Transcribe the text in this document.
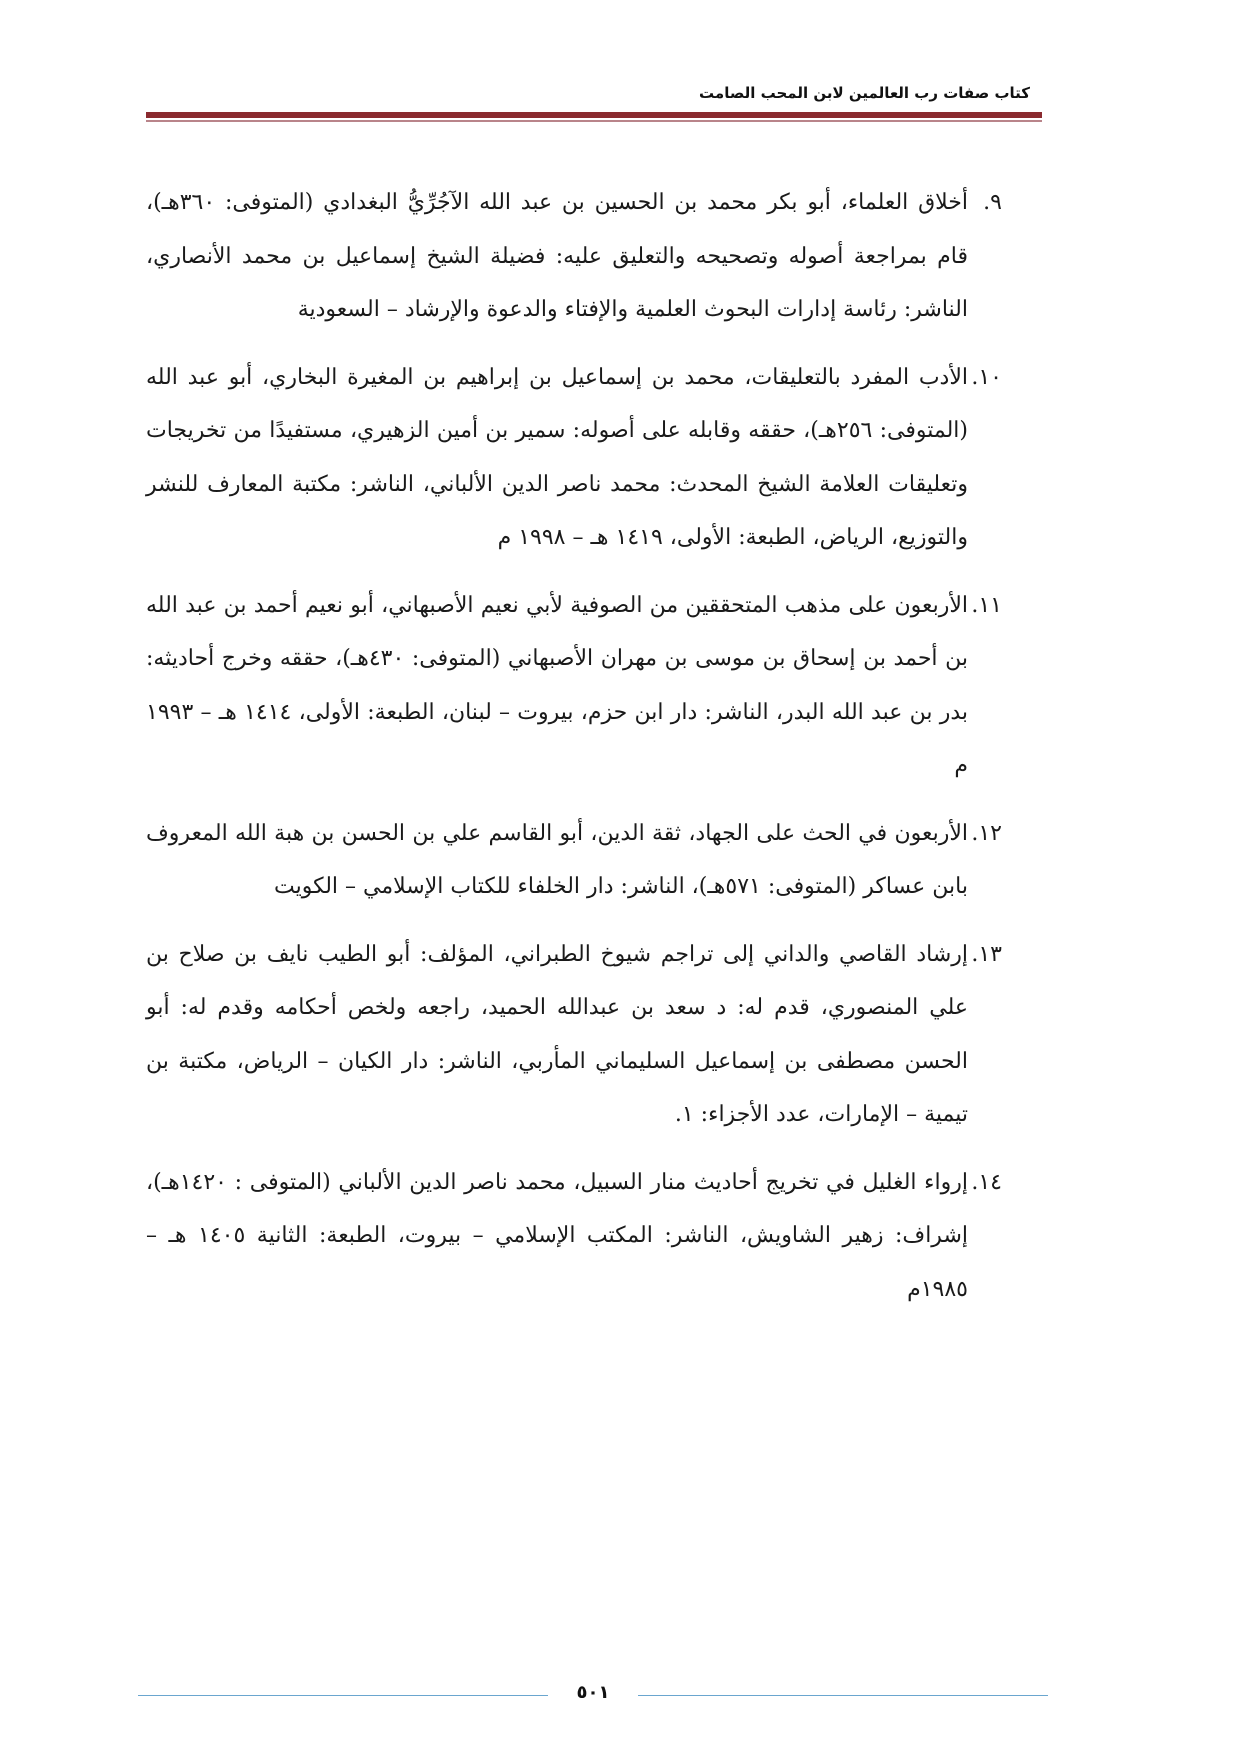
كتاب صفات رب العالمين لابن المحب الصامت
٩.
أخلاق العلماء، أبو بكر محمد بن الحسين بن عبد الله الآجُرِّيُّ البغدادي (المتوفى: ٣٦٠هـ)، قام بمراجعة أصوله وتصحيحه والتعليق عليه: فضيلة الشيخ إسماعيل بن محمد الأنصاري، الناشر: رئاسة إدارات البحوث العلمية والإفتاء والدعوة والإرشاد – السعودية
١٠.
الأدب المفرد بالتعليقات، محمد بن إسماعيل بن إبراهيم بن المغيرة البخاري، أبو عبد الله (المتوفى: ٢٥٦هـ)، حققه وقابله على أصوله: سمير بن أمين الزهيري، مستفيدًا من تخريجات وتعليقات العلامة الشيخ المحدث: محمد ناصر الدين الألباني، الناشر: مكتبة المعارف للنشر والتوزيع، الرياض، الطبعة: الأولى، ١٤١٩ هـ – ١٩٩٨ م
١١.
الأربعون على مذهب المتحققين من الصوفية لأبي نعيم الأصبهاني، أبو نعيم أحمد بن عبد الله بن أحمد بن إسحاق بن موسى بن مهران الأصبهاني (المتوفى: ٤٣٠هـ)، حققه وخرج أحاديثه: بدر بن عبد الله البدر، الناشر: دار ابن حزم، بيروت – لبنان، الطبعة: الأولى، ١٤١٤ هـ – ١٩٩٣ م
١٢.
الأربعون في الحث على الجهاد، ثقة الدين، أبو القاسم علي بن الحسن بن هبة الله المعروف بابن عساكر (المتوفى: ٥٧١هـ)، الناشر: دار الخلفاء للكتاب الإسلامي – الكويت
١٣.
إرشاد القاصي والداني إلى تراجم شيوخ الطبراني، المؤلف: أبو الطيب نايف بن صلاح بن علي المنصوري، قدم له: د سعد بن عبدالله الحميد، راجعه ولخص أحكامه وقدم له: أبو الحسن مصطفى بن إسماعيل السليماني المأربي، الناشر: دار الكيان – الرياض، مكتبة بن تيمية – الإمارات، عدد الأجزاء: ١.
١٤.
إرواء الغليل في تخريج أحاديث منار السبيل، محمد ناصر الدين الألباني (المتوفى : ١٤٢٠هـ)، إشراف: زهير الشاويش، الناشر: المكتب الإسلامي – بيروت، الطبعة: الثانية ١٤٠٥ هـ – ١٩٨٥م
٥٠١
